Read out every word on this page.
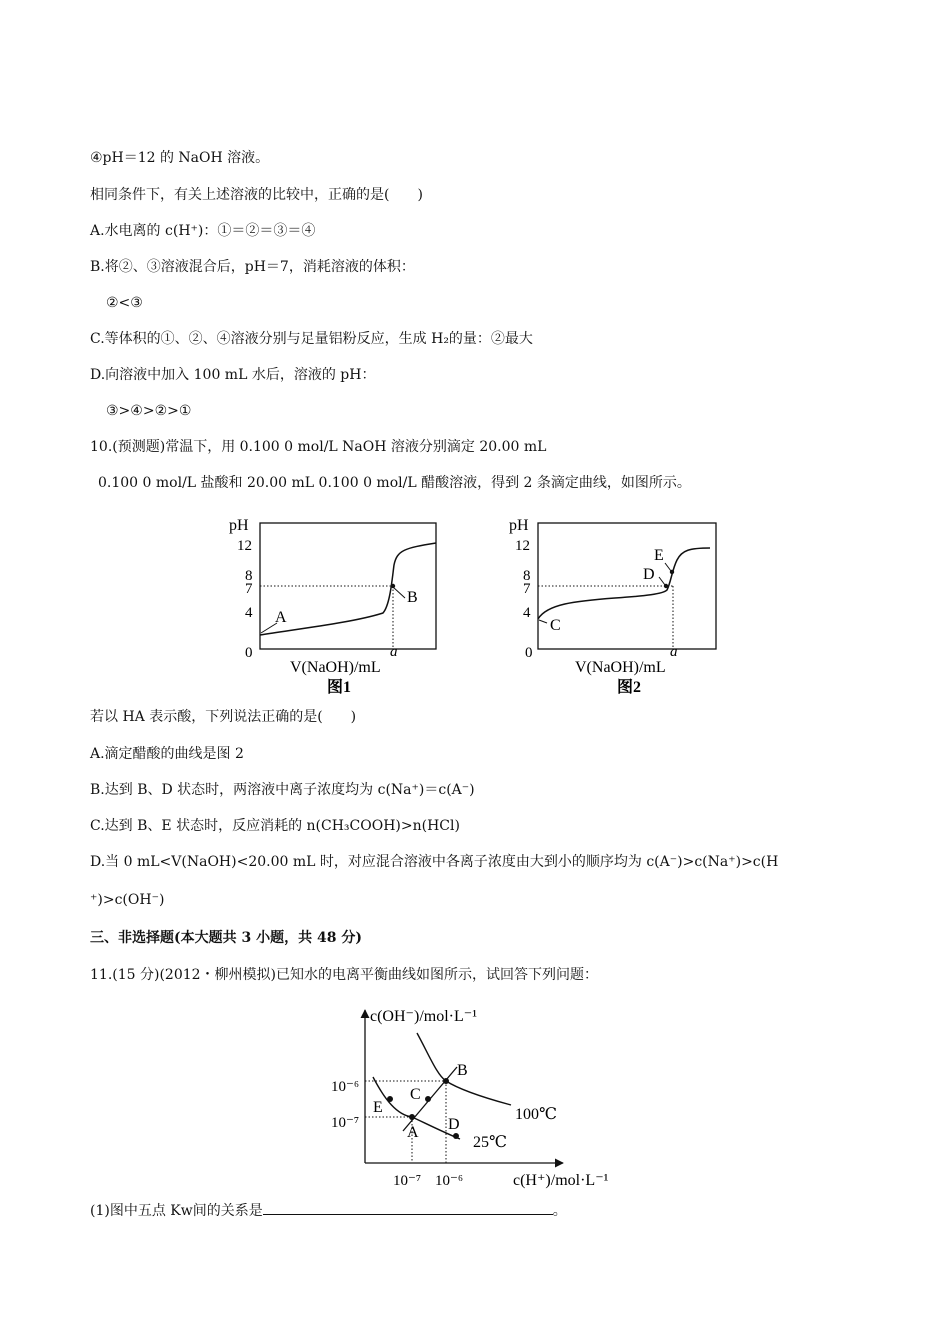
④pH＝12 的 NaOH 溶液。
相同条件下，有关上述溶液的比较中，正确的是(　　)
A.水电离的 c(H⁺)：①＝②＝③＝④
B.将②、③溶液混合后，pH＝7，消耗溶液的体积：
②<③
C.等体积的①、②、④溶液分别与足量铝粉反应，生成 H₂的量：②最大
D.向溶液中加入 100 mL 水后，溶液的 pH：
③>④>②>①
10.(预测题)常温下，用 0.100 0 mol/L NaOH 溶液分别滴定 20.00 mL
0.100 0 mol/L 盐酸和 20.00 mL 0.100 0 mol/L 醋酸溶液，得到 2 条滴定曲线，如图所示。
pH
12
8
7
4
0
A
B
a
V(NaOH)/mL
图1
pH
12
8
7
4
0
C
D
E
a
V(NaOH)/mL
图2
若以 HA 表示酸，下列说法正确的是(　　)
A.滴定醋酸的曲线是图 2
B.达到 B、D 状态时，两溶液中离子浓度均为 c(Na⁺)＝c(A⁻)
C.达到 B、E 状态时，反应消耗的 n(CH₃COOH)>n(HCl)
D.当 0 mL<V(NaOH)<20.00 mL 时，对应混合溶液中各离子浓度由大到小的顺序均为 c(A⁻)>c(Na⁺)>c(H
⁺)>c(OH⁻)
三、非选择题(本大题共 3 小题，共 48 分)
11.(15 分)(2012・柳州模拟)已知水的电离平衡曲线如图所示，试回答下列问题：
c(OH⁻)/mol·L⁻¹
c(H⁺)/mol·L⁻¹
10⁻⁶
10⁻⁷
10⁻⁷ 10⁻⁶
A
B
C
D
E	100℃
25℃
(1)图中五点 Kw间的关系是	。
